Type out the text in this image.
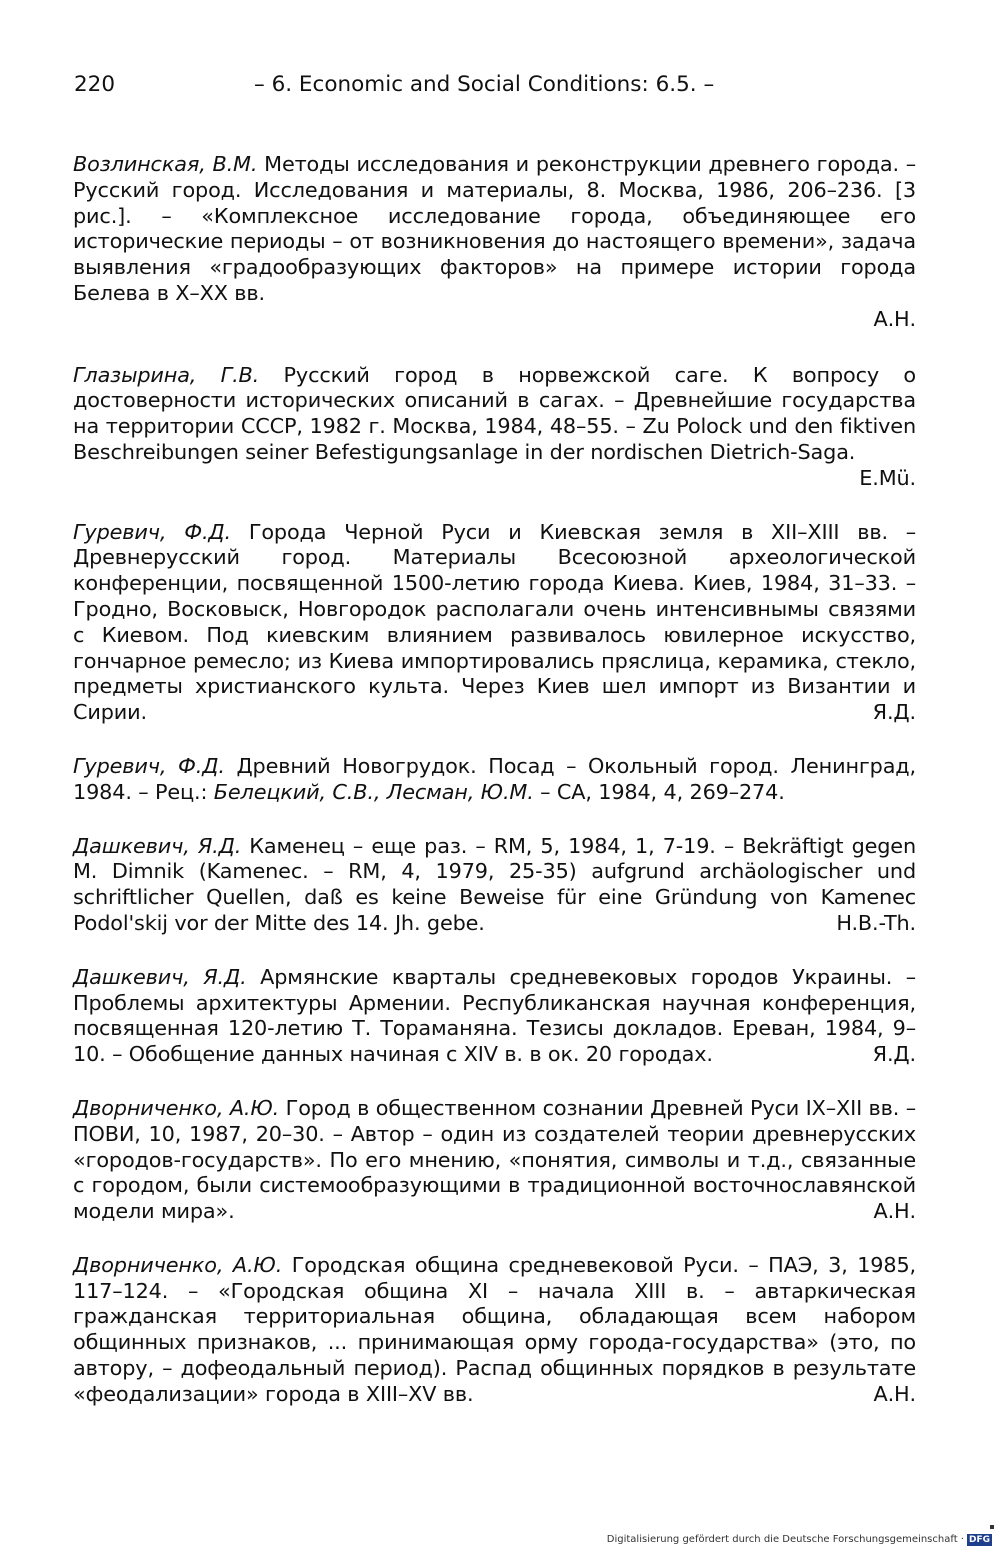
220	– 6. Economic and Social Conditions: 6.5. –

Возлинская, В.М. Методы исследования и реконструкции древнего города. – Русский город. Исследования и материалы, 8. Москва, 1986, 206–236. [3 рис.]. – «Комплексное исследование города, объединяющее его исторические периоды – от возникновения до настоящего времени», задача выявления «градообразующих факторов» на примере истории города Белева в X–XX вв.
А.Н.

Глазырина, Г.В. Русский город в норвежской саге. К вопросу о достоверности исторических описаний в сагах. – Древнейшие государства на территории СССР, 1982 г. Москва, 1984, 48–55. – Zu Polock und den fiktiven Beschreibungen seiner Befestigungsanlage in der nordischen Dietrich-Saga.
E.Mü.

Гуревич, Ф.Д. Города Черной Руси и Киевская земля в XII–XIII вв. – Древнерусский город. Материалы Всесоюзной археологической конференции, посвященной 1500-летию города Киева. Киев, 1984, 31–33. – Гродно, Восковыск, Новгородок располагали очень интенсивнымы связями с Киевом. Под киевским влиянием развивалось ювилерное искусство, гончарное ремесло; из Киева импортировались пряслица, керамика, стекло, предметы христианского культа. Через Киев шел импорт из Византии и Сирии.	Я.Д.

Гуревич, Ф.Д. Древний Новогрудок. Посад – Окольный город. Ленинград, 1984. – Рец.: Белецкий, С.В., Лесман, Ю.М. – СА, 1984, 4, 269–274.

Дашкевич, Я.Д. Каменец – еще раз. – RM, 5, 1984, 1, 7-19. – Bekräftigt gegen M. Dimnik (Kamenec. – RM, 4, 1979, 25-35) aufgrund archäologischer und schriftlicher Quellen, daß es keine Beweise für eine Gründung von Kamenec Podol'skij vor der Mitte des 14. Jh. gebe.	H.B.-Th.

Дашкевич, Я.Д. Армянские кварталы средневековых городов Украины. – Проблемы архитектуры Армении. Республиканская научная конференция, посвященная 120-летию Т. Тораманяна. Тезисы докладов. Ереван, 1984, 9–10. – Обобщение данных начиная с XIV в. в ок. 20 городах.	Я.Д.

Дворниченко, А.Ю. Город в общественном сознании Древней Руси IX–XII вв. – ПОВИ, 10, 1987, 20–30. – Автор – один из создателей теории древнерусских «городов-государств». По его мнению, «понятия, символы и т.д., связанные с городом, были системообразующими в традиционной восточнославянской модели мира».	А.Н.

Дворниченко, А.Ю. Городская община средневековой Руси. – ПАЭ, 3, 1985, 117–124. – «Городская община XI – начала XIII в. – автаркическая гражданская территориальная община, обладающая всем набором общинных признаков, ... принимающая орму города-государства» (это, по автору, – дофеодальный период). Распад общинных порядков в результате «феодализации» города в XIII–XV вв.	А.Н.

Digitalisierung gefördert durch die Deutsche Forschungsgemeinschaft · DFG
